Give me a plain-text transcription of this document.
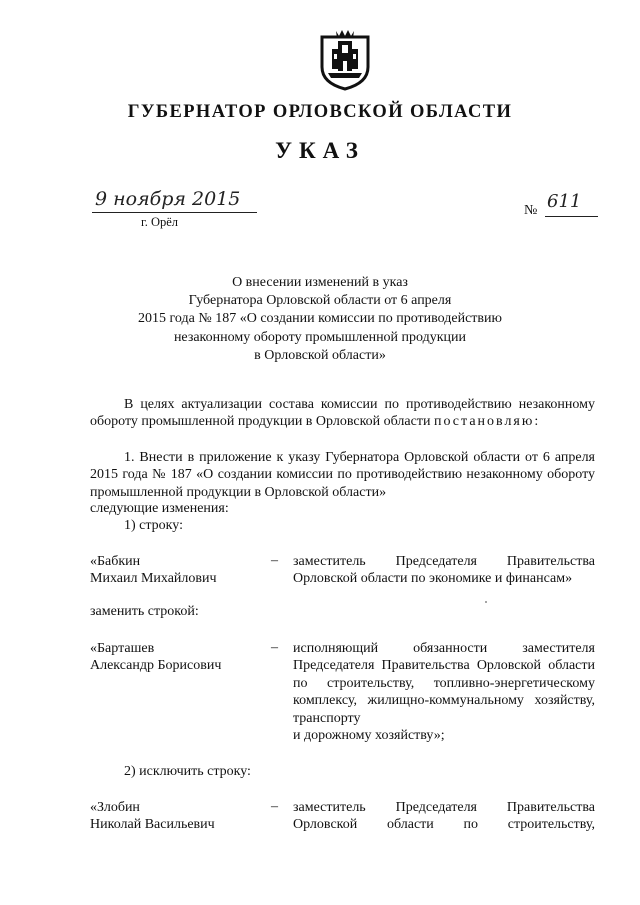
ГУБЕРНАТОР ОРЛОВСКОЙ ОБЛАСТИ
УКАЗ
9 ноября 2015
г. Орёл
№ 611
О внесении изменений в указ
Губернатора Орловской области от 6 апреля
2015 года № 187 «О создании комиссии по противодействию
незаконному обороту промышленной продукции
в Орловской области»
В целях актуализации состава комиссии по противодействию незаконному обороту промышленной продукции в Орловской области постановляю:
1. Внести в приложение к указу Губернатора Орловской области от 6 апреля 2015 года № 187 «О создании комиссии по противодействию незаконному обороту промышленной продукции в Орловской области»
следующие изменения:
1) строку:
«Бабкин
Михаил Михайлович
– заместитель Председателя Правительства
Орловской области по экономике и финансам»
заменить строкой:
«Барташев
Александр Борисович
– исполняющий обязанности заместителя Председателя Правительства Орловской области по строительству, топливно-энергетическому комплексу, жилищно-коммунальному хозяйству, транспорту
и дорожному хозяйству»;
2) исключить строку:
«Злобин
Николай Васильевич
– заместитель Председателя Правительства Орловской области по строительству,
